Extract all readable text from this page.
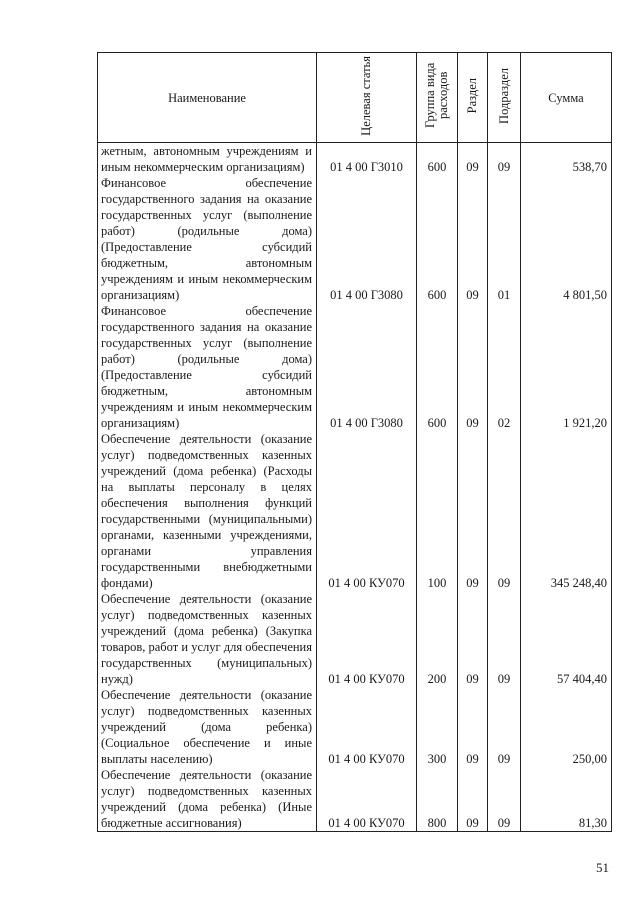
Наименование	Целевая статья	Группа вида расходов	Раздел	Подраздел	Сумма
жетным, автономным учреждениям и иным некоммерческим организациям)	01 4 00 Г3010	600	09	09	538,70
Финансовое обеспечение государственного задания на оказание государственных услуг (выполнение работ) (родильные дома) (Предоставление субсидий бюджетным, автономным учреждениям и иным некоммерческим организациям)	01 4 00 Г3080	600	09	01	4 801,50
Финансовое обеспечение государственного задания на оказание государственных услуг (выполнение работ) (родильные дома) (Предоставление субсидий бюджетным, автономным учреждениям и иным некоммерческим организациям)	01 4 00 Г3080	600	09	02	1 921,20
Обеспечение деятельности (оказание услуг) подведомственных казенных учреждений (дома ребенка) (Расходы на выплаты персоналу в целях обеспечения выполнения функций государственными (муниципальными) органами, казенными учреждениями, органами управления государственными внебюджетными фондами)	01 4 00 КУ070	100	09	09	345 248,40
Обеспечение деятельности (оказание услуг) подведомственных казенных учреждений (дома ребенка) (Закупка товаров, работ и услуг для обеспечения государственных (муниципальных) нужд)	01 4 00 КУ070	200	09	09	57 404,40
Обеспечение деятельности (оказание услуг) подведомственных казенных учреждений (дома ребенка) (Социальное обеспечение и иные выплаты населению)	01 4 00 КУ070	300	09	09	250,00
Обеспечение деятельности (оказание услуг) подведомственных казенных учреждений (дома ребенка) (Иные бюджетные ассигнования)	01 4 00 КУ070	800	09	09	81,30
51
